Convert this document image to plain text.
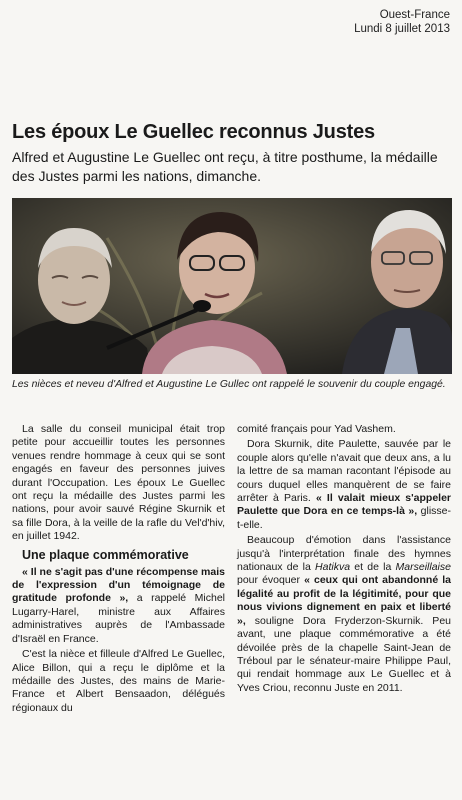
Ouest-France
Lundi 8 juillet 2013
Les époux Le Guellec reconnus Justes
Alfred et Augustine Le Guellec ont reçu, à titre posthume, la médaille des Justes parmi les nations, dimanche.
Les nièces et neveu d'Alfred et Augustine Le Gullec ont rappelé le souvenir du couple engagé.

La salle du conseil municipal était trop petite pour accueillir toutes les personnes venues rendre hommage à ceux qui se sont engagés en faveur des personnes juives durant l'Occupation. Les époux Le Guellec ont reçu la médaille des Justes parmi les nations, pour avoir sauvé Régine Skurnik et sa fille Dora, à la veille de la rafle du Vel'd'hiv, en juillet 1942.

Une plaque commémorative

« Il ne s'agit pas d'une récompense mais de l'expression d'un témoignage de gratitude profonde », a rappelé Michel Lugarry-Harel, ministre aux Affaires administratives auprès de l'Ambassade d'Israël en France.

C'est la nièce et filleule d'Alfred Le Guellec, Alice Billon, qui a reçu le diplôme et la médaille des Justes, des mains de Marie-France et Albert Bensaadon, délégués régionaux du

comité français pour Yad Vashem.

Dora Skurnik, dite Paulette, sauvée par le couple alors qu'elle n'avait que deux ans, a lu la lettre de sa maman racontant l'épisode au cours duquel elles manquèrent de se faire arrêter à Paris. « Il valait mieux s'appeler Paulette que Dora en ce temps-là », glisse-t-elle.

Beaucoup d'émotion dans l'assistance jusqu'à l'interprétation finale des hymnes nationaux de la Hatikva et de la Marseillaise pour évoquer « ceux qui ont abandonné la légalité au profit de la légitimité, pour que nous vivions dignement en paix et liberté », souligne Dora Fryderzon-Skurnik. Peu avant, une plaque commémorative a été dévoilée près de la chapelle Saint-Jean de Tréboul par le sénateur-maire Philippe Paul, qui rendait hommage aux Le Guellec et à Yves Criou, reconnu Juste en 2011.
